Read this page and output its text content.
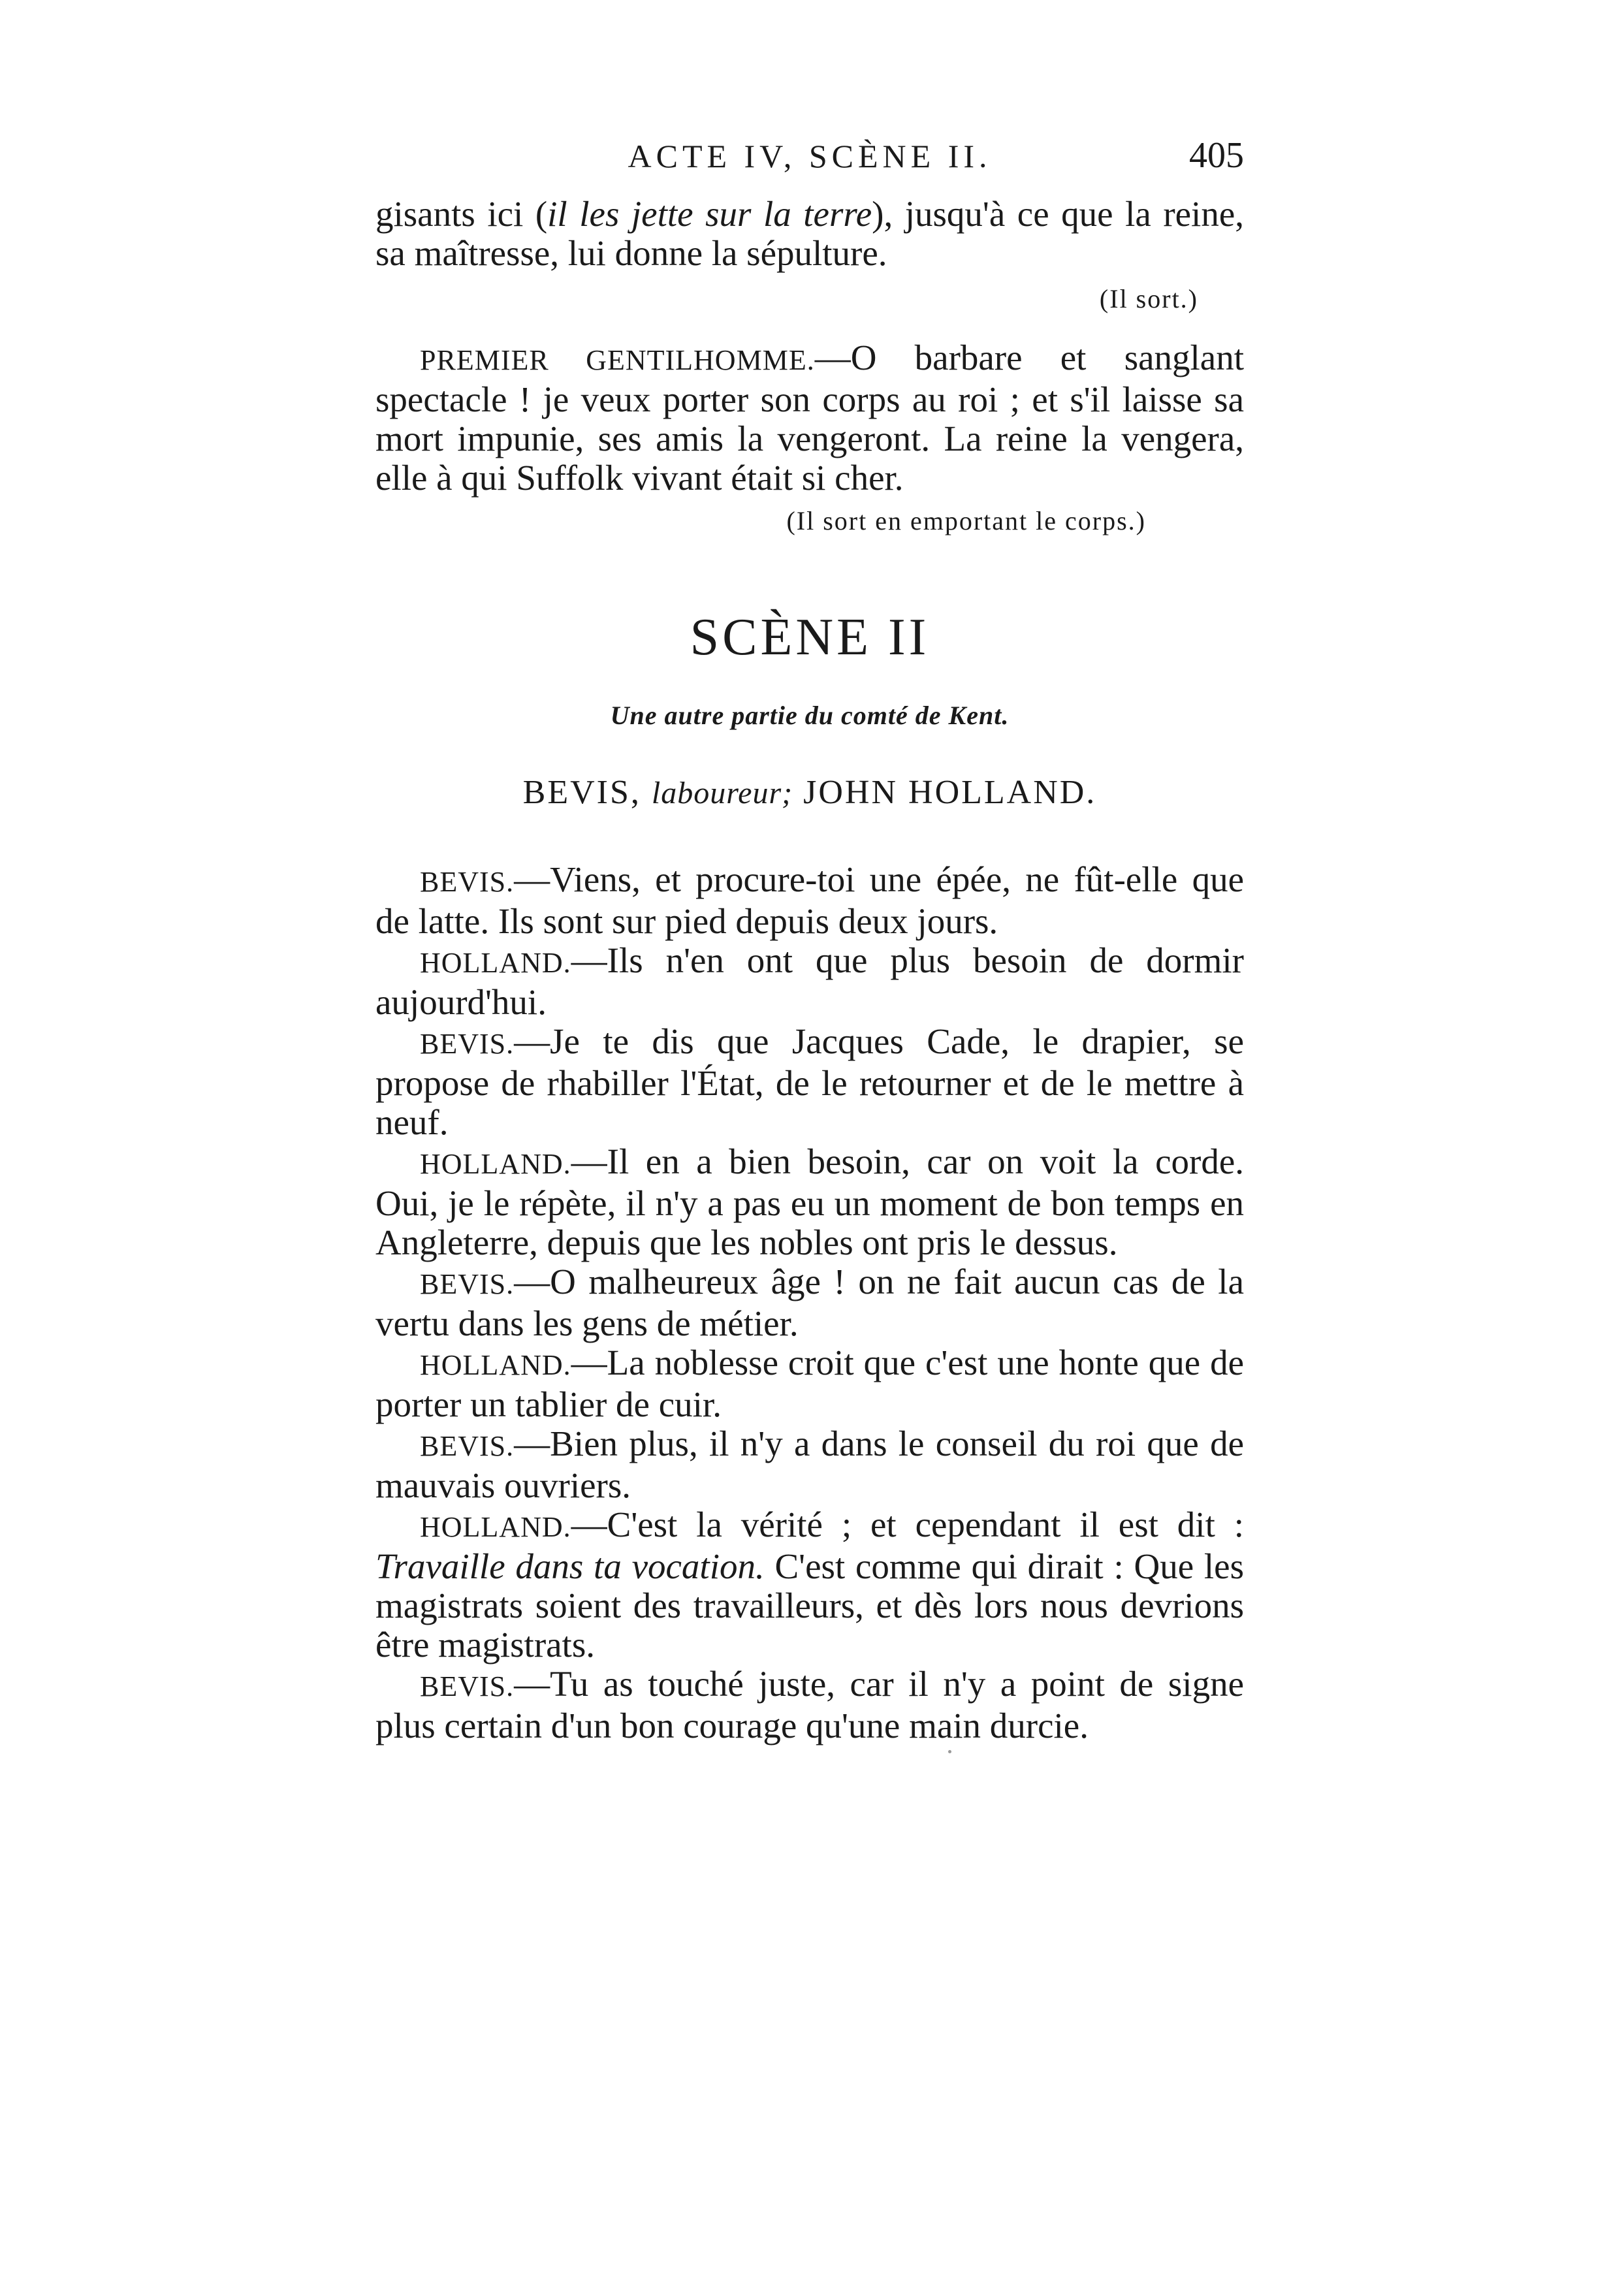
ACTE IV, SCÈNE II.	405

gisants ici (il les jette sur la terre), jusqu'à ce que la reine, sa maîtresse, lui donne la sépulture.

(Il sort.)

PREMIER GENTILHOMME.—O barbare et sanglant spectacle ! je veux porter son corps au roi ; et s'il laisse sa mort impunie, ses amis la vengeront. La reine la vengera, elle à qui Suffolk vivant était si cher.

(Il sort en emportant le corps.)

SCÈNE II

Une autre partie du comté de Kent.

BEVIS, laboureur; JOHN HOLLAND.

BEVIS.—Viens, et procure-toi une épée, ne fût-elle que de latte. Ils sont sur pied depuis deux jours.

HOLLAND.—Ils n'en ont que plus besoin de dormir aujourd'hui.

BEVIS.—Je te dis que Jacques Cade, le drapier, se propose de rhabiller l'État, de le retourner et de le mettre à neuf.

HOLLAND.—Il en a bien besoin, car on voit la corde. Oui, je le répète, il n'y a pas eu un moment de bon temps en Angleterre, depuis que les nobles ont pris le dessus.

BEVIS.—O malheureux âge ! on ne fait aucun cas de la vertu dans les gens de métier.

HOLLAND.—La noblesse croit que c'est une honte que de porter un tablier de cuir.

BEVIS.—Bien plus, il n'y a dans le conseil du roi que de mauvais ouvriers.

HOLLAND.—C'est la vérité ; et cependant il est dit : Travaille dans ta vocation. C'est comme qui dirait : Que les magistrats soient des travailleurs, et dès lors nous devrions être magistrats.

BEVIS.—Tu as touché juste, car il n'y a point de signe plus certain d'un bon courage qu'une main durcie.
